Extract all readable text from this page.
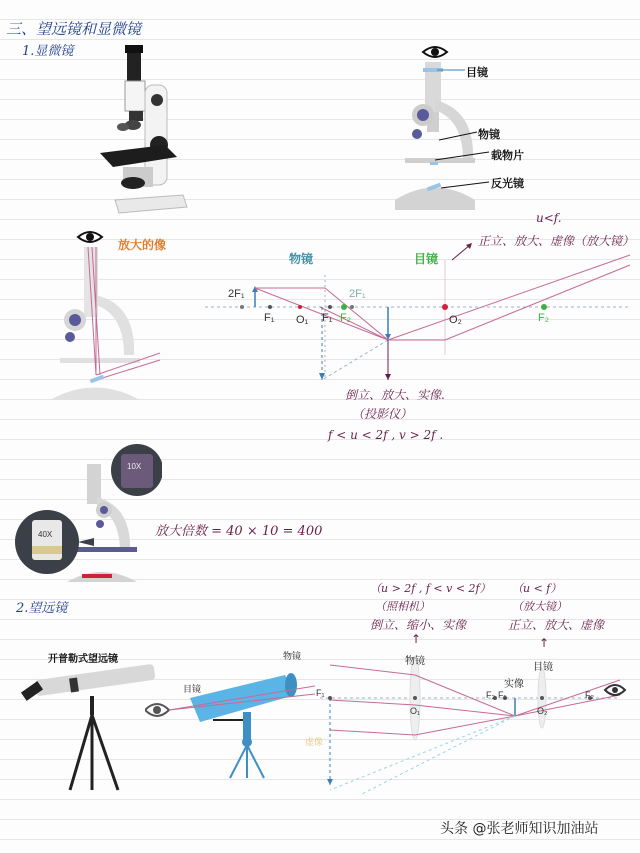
三、望远镜和显微镜
1.显微镜
目镜
物镜
载物片
反光镜
放大的像
物镜	目镜
2F₁
F₁ O₁ F₁ F₂
2F₁
O₂	F₂
u<f.
正立、放大、虚像（放大镜）
倒立、放大、实像.
（投影仪）
f < u < 2f , v > 2f .
10X
40X	放大倍数 = 40 × 10 = 400
2.望远镜
开普勒式望远镜	物镜
目镜	F₁
虚像
O₁
F₂ F₁
O₂
F₂
物镜
实像
目镜
（u > 2f , f < v < 2f）
（照相机）
倒立、缩小、实像
（u < f）
（放大镜）
正立、放大、虚像
↑	↑
头条 @张老师知识加油站
